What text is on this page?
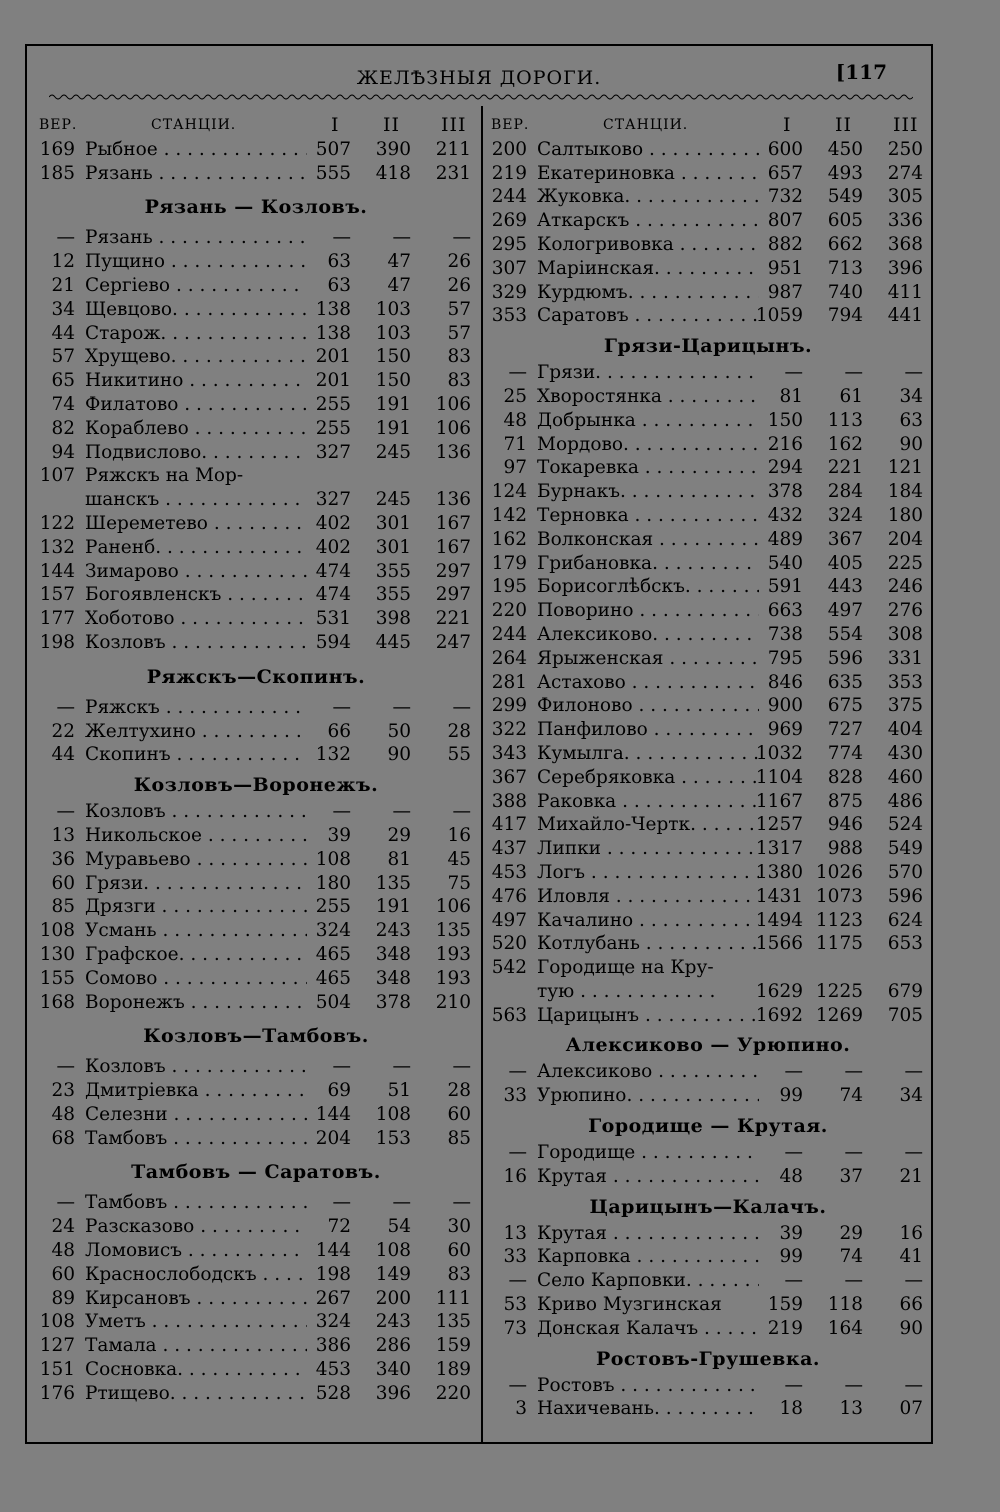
ЖЕЛѢЗНЫЯ ДОРОГИ.	[117
ВЕР.	СТАНЦІИ.	I II III
169 Рыбное . . .	507	390	211
185 Рязань . . .	555	418	231
Рязань — Козловъ.
— Рязань . . .	—	—	—
12 Пущино . . .	63	47	26
21 Сергіево . . .	63	47	26
34 Щевцово. . . .	138	103	57
44 Старож. . . .	138	103	57
57 Хрущево. . . .	201	150	83
65 Никитино . . .	201	150	83
74 Филатово . . .	255	191	106
82 Кораблево . . .	255	191	106
94 Подвислово. . . .	327	245	136
107 Ряжскъ на Мор-
шанскъ . . .	327	245	136
122 Шереметево . . .	402	301	167
132 Раненб. . . .	402	301	167
144 Зимарово . . .	474	355	297
157 Богоявленскъ . . .	474	355	297
177 Хоботово . . .	531	398	221
198 Козловъ . . .	594	445	247
Ряжскъ—Скопинъ.
— Ряжскъ . . .	—	—	—
22 Желтухино . . .	66	50	28
44 Скопинъ . . .	132	90	55
Козловъ—Воронежъ.
— Козловъ . . .	—	—	—
13 Никольское . . .	39	29	16
36 Муравьево . . .	108	81	45
60 Грязи. . . .	180	135	75
85 Дрязги . . .	255	191	106
108 Усмань . . .	324	243	135
130 Графское. . . .	465	348	193
155 Сомово . . .	465	348	193
168 Воронежъ . . .	504	378	210
Козловъ—Тамбовъ.
— Козловъ . . .	—	—	—
23 Дмитріевка . . .	69	51	28
48 Селезни . . .	144	108	60
68 Тамбовъ . . .	204	153	85
Тамбовъ — Саратовъ.
— Тамбовъ . . .	—	—	—
24 Разсказово . . .	72	54	30
48 Ломовисъ . . .	144	108	60
60 Краснослободскъ . . .	198	149	83
89 Кирсановъ . . .	267	200	111
108 Уметъ . . .	324	243	135
127 Тамала . . .	386	286	159
151 Сосновка. . . .	453	340	189
176 Ртищево. . . .	528	396	220
ВЕР.	СТАНЦІИ.	I II III
200 Салтыково . . .	600	450	250
219 Екатериновка . . .	657	493	274
244 Жуковка. . . .	732	549	305
269 Аткарскъ . . .	807	605	336
295 Кологривовка . . .	882	662	368
307 Маріинская. . . .	951	713	396
329 Курдюмъ. . . .	987	740	411
353 Саратовъ . . .	1059	794	441
Грязи-Царицынъ.
— Грязи. . . .	—	—	—
25 Хворостянка . . .	81	61	34
48 Добрынка . . .	150	113	63
71 Мордово. . . .	216	162	90
97 Токаревка . . .	294	221	121
124 Бурнакъ. . . .	378	284	184
142 Терновка . . .	432	324	180
162 Волконская . . .	489	367	204
179 Грибановка. . . .	540	405	225
195 Борисоглѣбскъ. . . .	591	443	246
220 Поворино . . .	663	497	276
244 Алексиково. . . .	738	554	308
264 Ярыженская . . .	795	596	331
281 Астахово . . .	846	635	353
299 Филоново . . .	900	675	375
322 Панфилово . . .	969	727	404
343 Кумылга. . . .	1032	774	430
367 Серебряковка . . .	1104	828	460
388 Раковка . . .	1167	875	486
417 Михайло-Чертк. . . .	1257	946	524
437 Липки . . .	1317	988	549
453 Логъ . . .	1380 1026	570
476 Иловля . . .	1431 1073	596
497 Качалино . . .	1494 1123	624
520 Котлубань . . .	1566 1175	653
542 Городище на Кру-
тую . . .	1629 1225	679
563 Царицынъ . . .	1692 1269	705
Алексиково — Урюпино.
— Алексиково . . .	—	—	—
33 Урюпино. . . .	99	74	34
Городище — Крутая.
— Городище . . .	—	—	—
16 Крутая . . .	48	37	21
Царицынъ—Калачъ.
13 Крутая . . .	39	29	16
33 Карповка . . .	99	74	41
— Село Карповки. . . .	—	—	—
53 Криво Музгинская	159	118	66
73 Донская Калачъ . . .	219	164	90
Ростовъ-Грушевка.
— Ростовъ . . .	—	—	—
3 Нахичевань. . . .	18	13	07
